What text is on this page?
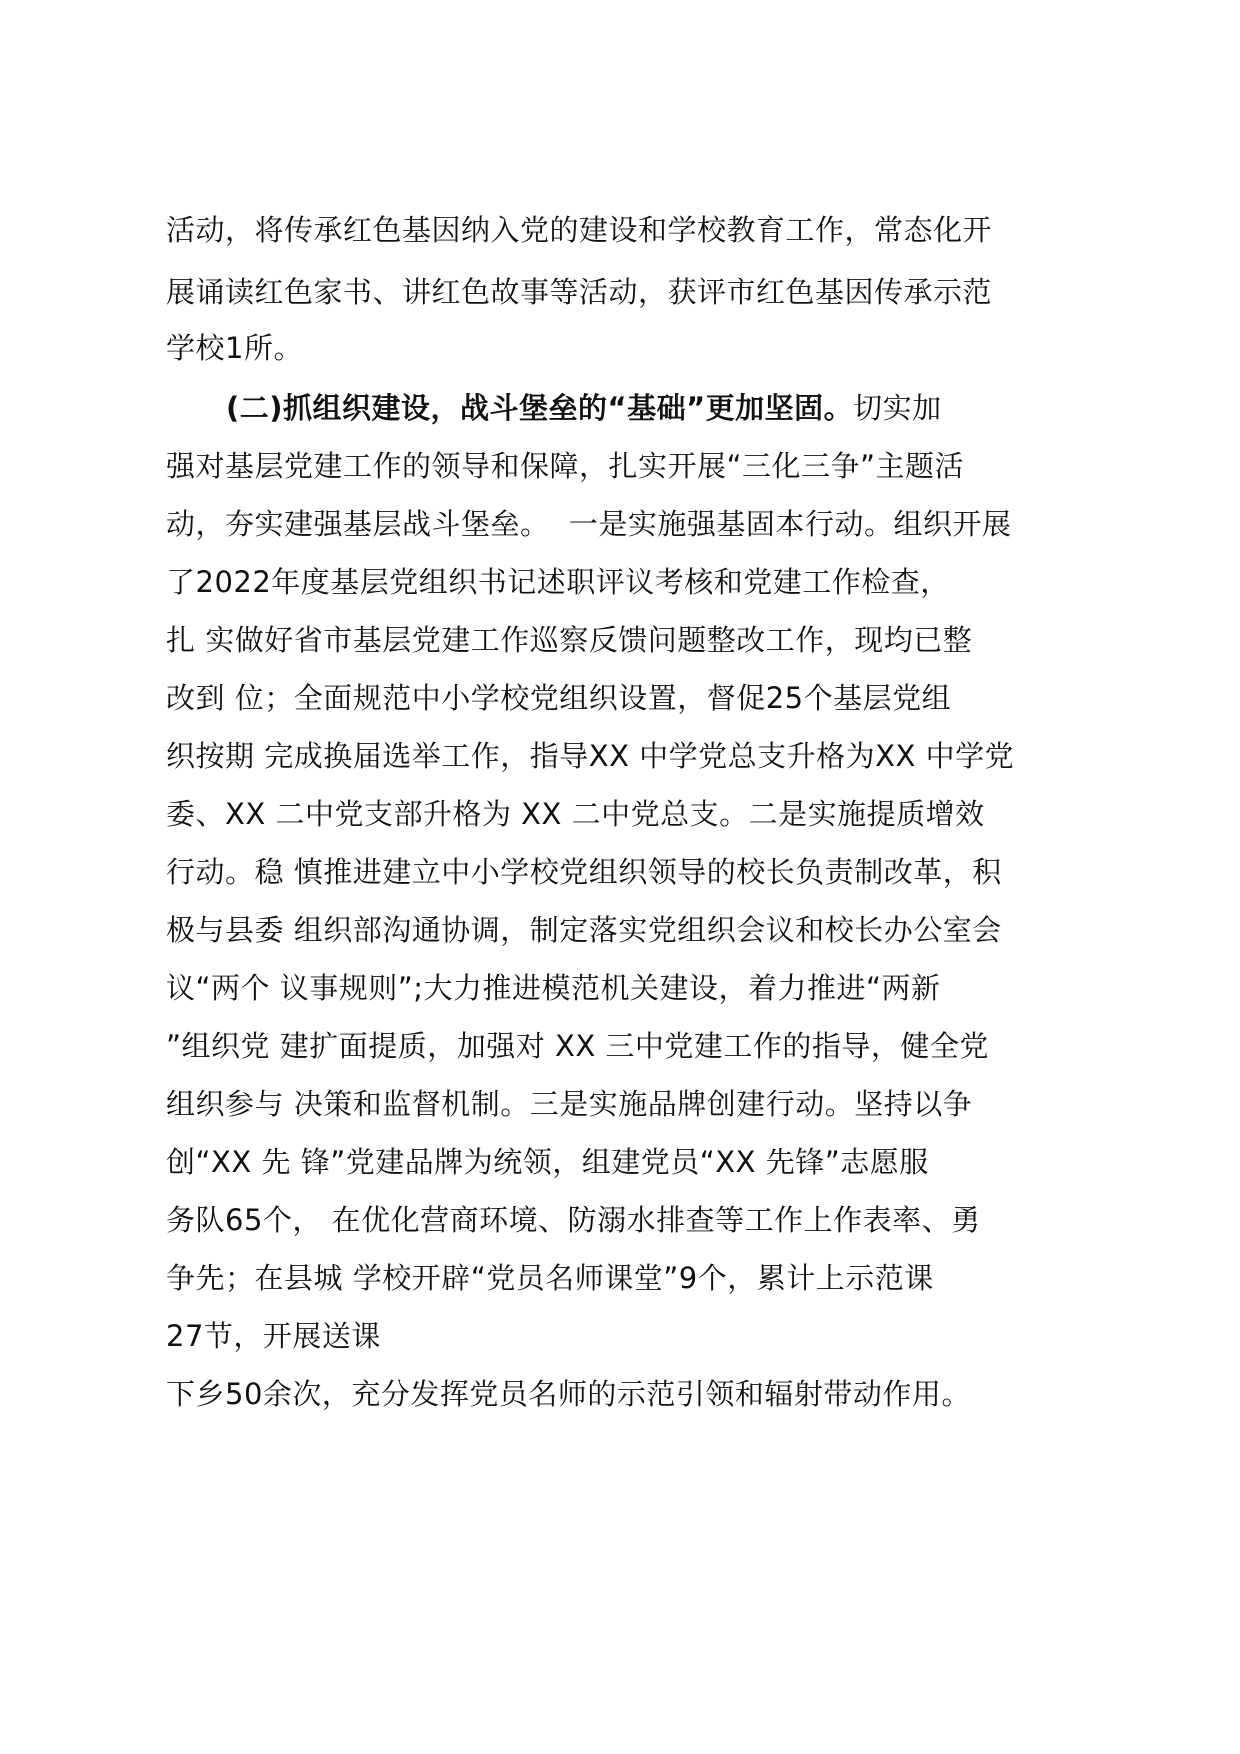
活动，将传承红色基因纳入党的建设和学校教育工作，常态化开
展诵读红色家书、讲红色故事等活动，获评市红色基因传承示范
学校1所。
(二)抓组织建设，战斗堡垒的“基础”更加坚固。切实加
强对基层党建工作的领导和保障，扎实开展“三化三争”主题活
动，夯实建强基层战斗堡垒。  一是实施强基固本行动。组织开展
了2022年度基层党组织书记述职评议考核和党建工作检查，
扎 实做好省市基层党建工作巡察反馈问题整改工作，现均已整
改到 位；全面规范中小学校党组织设置，督促25个基层党组
织按期 完成换届选举工作，指导XX 中学党总支升格为XX 中学党
委、XX 二中党支部升格为 XX 二中党总支。二是实施提质增效
行动。稳 慎推进建立中小学校党组织领导的校长负责制改革，积
极与县委 组织部沟通协调，制定落实党组织会议和校长办公室会
议“两个 议事规则”;大力推进模范机关建设，着力推进“两新
”组织党 建扩面提质，加强对 XX 三中党建工作的指导，健全党
组织参与 决策和监督机制。三是实施品牌创建行动。坚持以争
创“XX 先 锋”党建品牌为统领，组建党员“XX 先锋”志愿服
务队65个， 在优化营商环境、防溺水排查等工作上作表率、勇
争先；在县城 学校开辟“党员名师课堂”9个，累计上示范课
27节，开展送课
下乡50余次，充分发挥党员名师的示范引领和辐射带动作用。
